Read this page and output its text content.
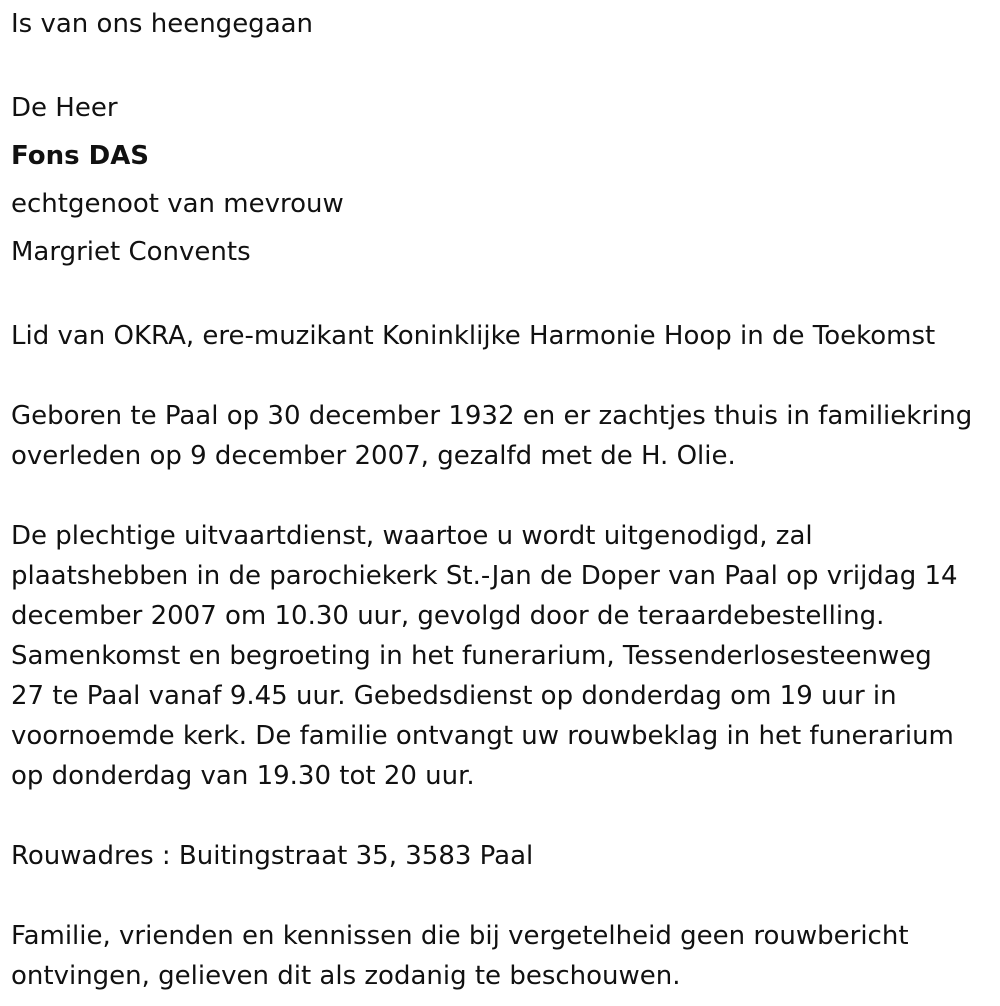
Is van ons heengegaan

De Heer

Fons DAS

echtgenoot van mevrouw

Margriet Convents

Lid van OKRA, ere-muzikant Koninklijke Harmonie Hoop in de Toekomst

Geboren te Paal op 30 december 1932 en er zachtjes thuis in familiekring

overleden op 9 december 2007, gezalfd met de H. Olie.

De plechtige uitvaartdienst, waartoe u wordt uitgenodigd, zal

plaatshebben in de parochiekerk St.-Jan de Doper van Paal op vrijdag 14

december 2007 om 10.30 uur, gevolgd door de teraardebestelling.

Samenkomst en begroeting in het funerarium, Tessenderlosesteenweg

27 te Paal vanaf 9.45 uur. Gebedsdienst op donderdag om 19 uur in

voornoemde kerk. De familie ontvangt uw rouwbeklag in het funerarium

op donderdag van 19.30 tot 20 uur.

Rouwadres : Buitingstraat 35, 3583 Paal

Familie, vrienden en kennissen die bij vergetelheid geen rouwbericht

ontvingen, gelieven dit als zodanig te beschouwen.
